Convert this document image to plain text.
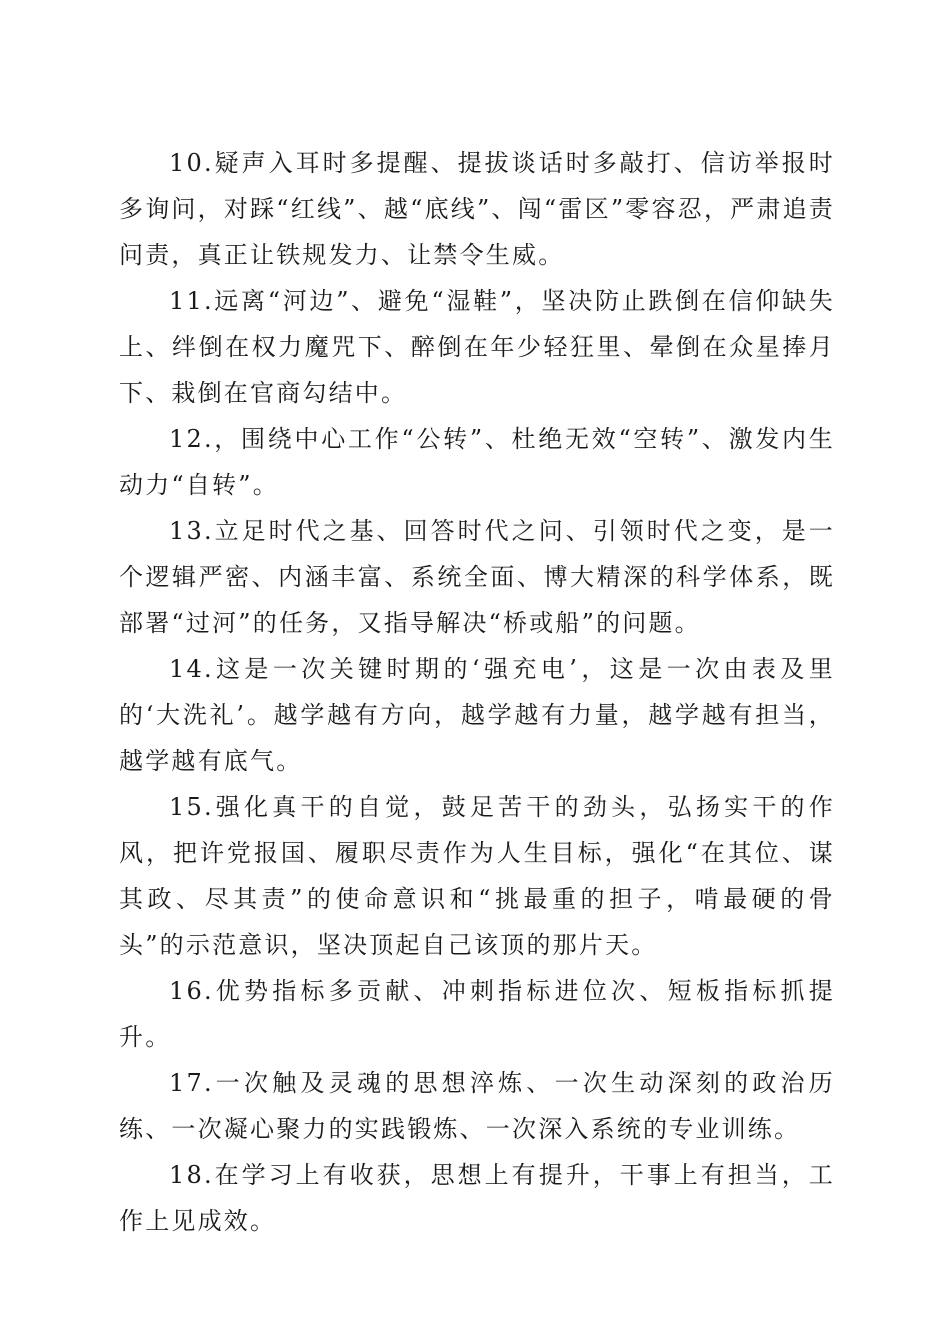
10.疑声入耳时多提醒、提拔谈话时多敲打、信访举报时多询问，对踩“红线”、越“底线”、闯“雷区”零容忍，严肃追责问责，真正让铁规发力、让禁令生威。

11.远离“河边”、避免“湿鞋”，坚决防止跌倒在信仰缺失上、绊倒在权力魔咒下、醉倒在年少轻狂里、晕倒在众星捧月下、栽倒在官商勾结中。

12.，围绕中心工作“公转”、杜绝无效“空转”、激发内生动力“自转”。

13.立足时代之基、回答时代之问、引领时代之变，是一个逻辑严密、内涵丰富、系统全面、博大精深的科学体系，既部署“过河”的任务，又指导解决“桥或船”的问题。

14.这是一次关键时期的‘强充电’，这是一次由表及里的‘大洗礼’。越学越有方向，越学越有力量，越学越有担当，越学越有底气。

15.强化真干的自觉，鼓足苦干的劲头，弘扬实干的作风，把许党报国、履职尽责作为人生目标，强化“在其位、谋其政、尽其责”的使命意识和“挑最重的担子，啃最硬的骨头”的示范意识，坚决顶起自己该顶的那片天。

16.优势指标多贡献、冲刺指标进位次、短板指标抓提升。

17.一次触及灵魂的思想淬炼、一次生动深刻的政治历练、一次凝心聚力的实践锻炼、一次深入系统的专业训练。

18.在学习上有收获，思想上有提升，干事上有担当，工作上见成效。
